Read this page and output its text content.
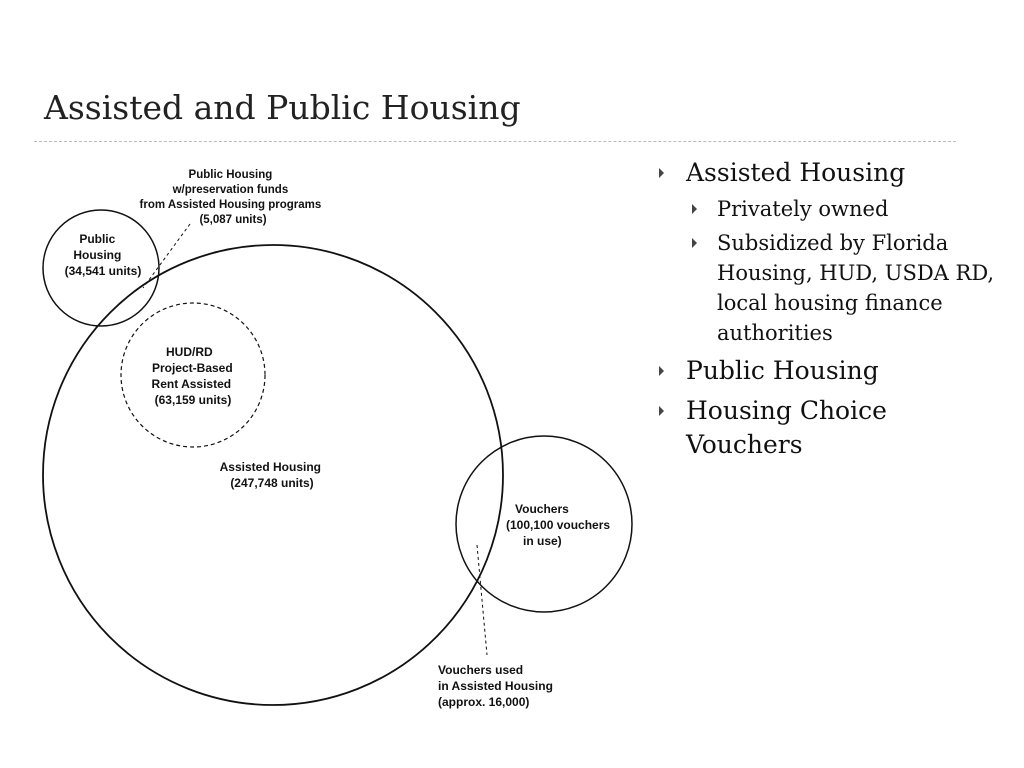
Assisted and Public Housing
Public Housing (34,541 units)
Public Housing w/preservation funds from Assisted Housing programs (5,087 units)
HUD/RD Project-Based Rent Assisted (63,159 units)
Assisted Housing (247,748 units)
Vouchers (100,100 vouchers in use)
Vouchers used in Assisted Housing (approx. 16,000)
Assisted Housing
Privately owned
Subsidized by Florida Housing, HUD, USDA RD, local housing finance authorities
Public Housing
Housing Choice Vouchers
